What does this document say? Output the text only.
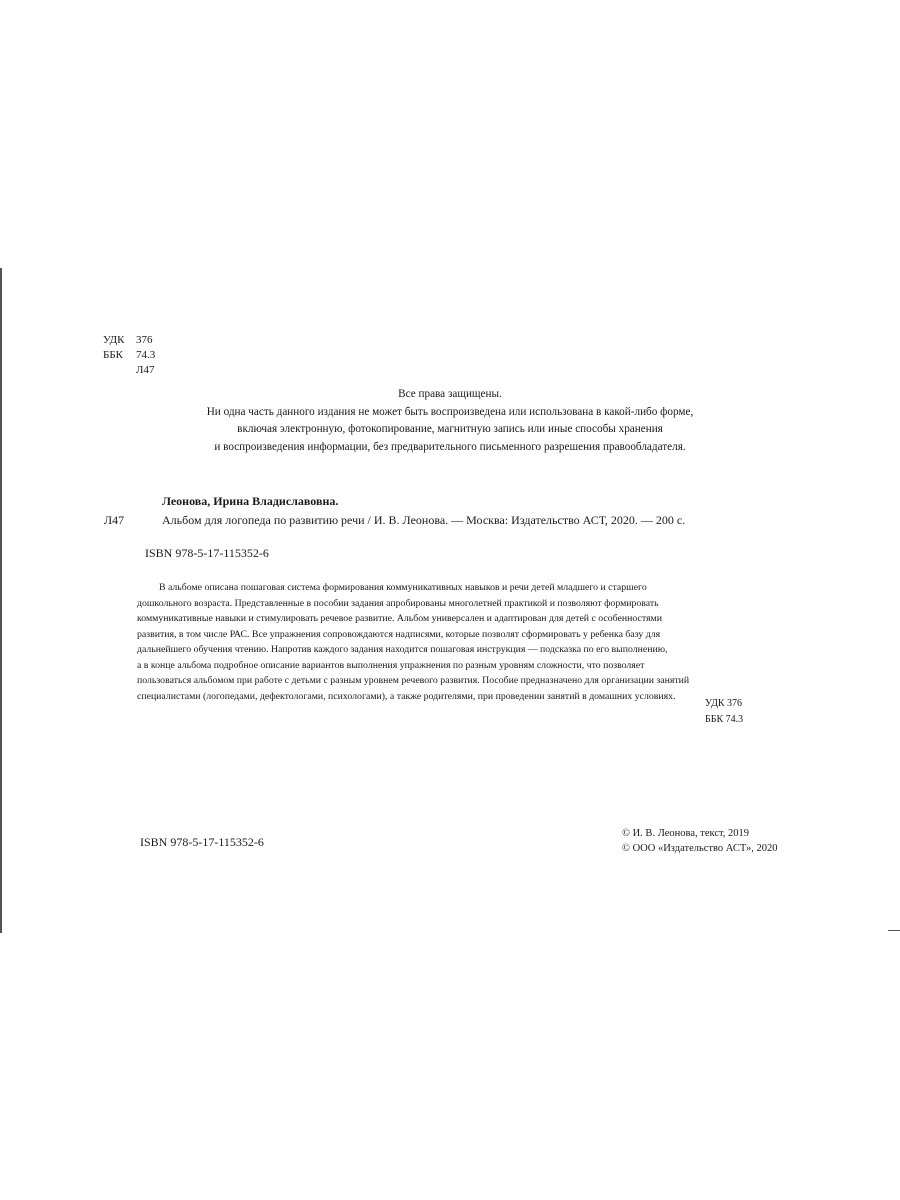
УДК	376
ББК	74.3
Л47
Все права защищены.
Ни одна часть данного издания не может быть воспроизведена или использована в какой-либо форме,
включая электронную, фотокопирование, магнитную запись или иные способы хранения
и воспроизведения информации, без предварительного письменного разрешения правообладателя.
Леонова, Ирина Владиславовна.
Л47	Альбом для логопеда по развитию речи / И. В. Леонова. — Москва: Издательство АСТ, 2020. — 200 с.
ISBN 978-5-17-115352-6
В альбоме описана пошаговая система формирования коммуникативных навыков и речи детей младшего и старшего
дошкольного возраста. Представленные в пособии задания апробированы многолетней практикой и позволяют формировать
коммуникативные навыки и стимулировать речевое развитие. Альбом универсален и адаптирован для детей с особенностями
развития, в том числе РАС. Все упражнения сопровождаются надписями, которые позволят сформировать у ребенка базу для
дальнейшего обучения чтению. Напротив каждого задания находится пошаговая инструкция — подсказка по его выполнению,
а в конце альбома подробное описание вариантов выполнения упражнения по разным уровням сложности, что позволяет
пользоваться альбомом при работе с детьми с разным уровнем речевого развития. Пособие предназначено для организации занятий
специалистами (логопедами, дефектологами, психологами), а также родителями, при проведении занятий в домашних условиях.
УДК 376
ББК 74.3
ISBN 978-5-17-115352-6
© И. В. Леонова, текст, 2019
© ООО «Издательство АСТ», 2020
